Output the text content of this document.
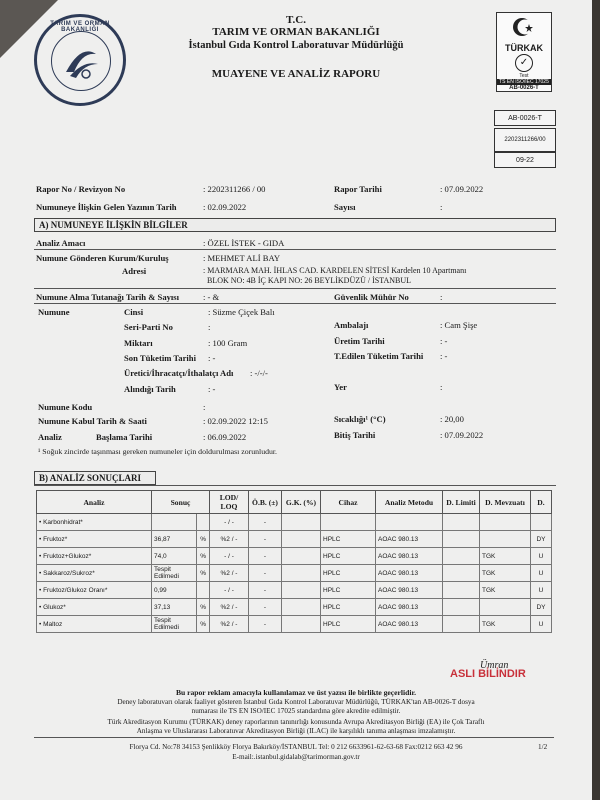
TARIM VE ORMAN BAKANLIĞI
T.C.
TARIM VE ORMAN BAKANLIĞI
İstanbul Gıda Kontrol Laboratuvar Müdürlüğü
MUAYENE VE ANALİZ RAPORU
TÜRKAK
✓
Test
TS EN ISO/IEC 17025
AB-0026-T
AB-0026-T
2202311266/00
09-22
Rapor No / Revizyon No	: 2202311266 / 00	Rapor Tarihi	: 07.09.2022
Numuneye İlişkin Gelen Yazının Tarih	: 02.09.2022	Sayısı	:
A) NUMUNEYE İLİŞKİN BİLGİLER
Analiz Amacı	: ÖZEL İSTEK - GIDA
Numune Gönderen Kurum/Kuruluş	: MEHMET ALİ BAY
Adresi	: MARMARA MAH. İHLAS CAD. KARDELEN SİTESİ Kardelen 10 Apartmanı
BLOK NO: 4B İÇ KAPI NO: 26 BEYLİKDÜZÜ / İSTANBUL
Numune Alma Tutanağı Tarih & Sayısı	: - &	Güvenlik Mühür No	:
Numune	Cinsi	: Süzme Çiçek Balı
Seri-Parti No	:	Ambalajı	: Cam Şişe
Miktarı	: 100 Gram	Üretim Tarihi	: -
Son Tüketim Tarihi : -	T.Edilen Tüketim Tarihi : -
Üretici/İhracatçı/İthalatçı Adı : -/-/-
Alındığı Tarih	: -	Yer	:
Numune Kodu	:
Numune Kabul Tarih & Saati	: 02.09.2022 12:15	Sıcaklığı¹ (°C)	: 20,00
Analiz	Başlama Tarihi	: 06.09.2022	Bitiş Tarihi	: 07.09.2022
¹ Soğuk zincirde taşınması gereken numuneler için doldurulması zorunludur.
B) ANALİZ SONUÇLARI
Analiz	Sonuç		LOD/ LOQ	Ö.B. (±)	G.K. (%)	Cihaz	Analiz Metodu	D. Limiti	D. Mevzuatı	D.
• Karbonhidrat*			- / -	-						
• Fruktoz*	36,87	%	%2 / -	-		HPLC	AOAC 980.13			DY
• Fruktoz+Glukoz*	74,0	%	- / -	-		HPLC	AOAC 980.13		TGK	U
• Sakkaroz/Sukroz*	Tespit Edilmedi	%	%2 / -	-		HPLC	AOAC 980.13		TGK	U
• Fruktoz/Glukoz Oranı*	0,99		- / -	-		HPLC	AOAC 980.13		TGK	U
• Glukoz*	37,13	%	%2 / -	-		HPLC	AOAC 980.13			DY
• Maltoz	Tespit Edilmedi	%	%2 / -	-		HPLC	AOAC 980.13		TGK	U
Ümran
ASLI BİLİNDIR
Bu rapor reklam amacıyla kullanılamaz ve üst yazısı ile birlikte geçerlidir.
Deney laboratuvarı olarak faaliyet gösteren İstanbul Gıda Kontrol Laboratuvar Müdürlüğü, TÜRKAK'tan AB-0026-T dosya
numarası ile TS EN ISO/IEC 17025 standardına göre akredite edilmiştir.
Türk Akreditasyon Kurumu (TÜRKAK) deney raporlarının tanınırlığı konusunda Avrupa Akreditasyon Birliği (EA) ile Çok Taraflı
Anlaşma ve Uluslararası Laboratuvar Akreditasyon Birliği (ILAC) ile karşılıklı tanıma anlaşması imzalamıştır.
Florya Cd. No:78 34153 Şenlikköy Florya Bakırköy/İSTANBUL Tel: 0 212 6633961-62-63-68 Fax:0212 663 42 96
E-mail:.istanbul.gidalab@tarimorman.gov.tr
1/2
